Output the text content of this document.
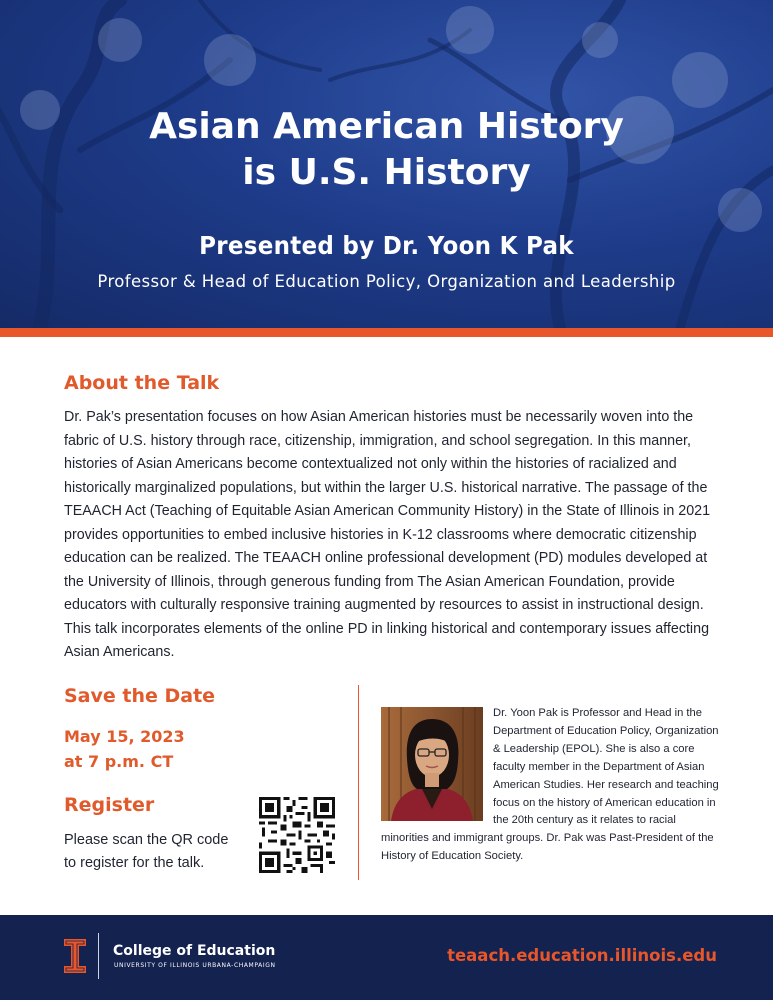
Asian American History
is U.S. History
Presented by Dr. Yoon K Pak
Professor & Head of Education Policy, Organization and Leadership
About the Talk

Dr. Pak’s presentation focuses on how Asian American histories must be necessarily woven into the fabric of U.S. history through race, citizenship, immigration, and school segregation. In this manner, histories of Asian Americans become contextualized not only within the histories of racialized and historically marginalized populations, but within the larger U.S. historical narrative. The passage of the TEAACH Act (Teaching of Equitable Asian American Community History) in the State of Illinois in 2021 provides opportunities to embed inclusive histories in K-12 classrooms where democratic citizenship education can be realized. The TEAACH online professional development (PD) modules developed at the University of Illinois, through generous funding from The Asian American Foundation, provide educators with culturally responsive training augmented by resources to assist in instructional design. This talk incorporates elements of the online PD in linking historical and contemporary issues affecting Asian Americans.

Save the Date
May 15, 2023
at 7 p.m. CT
Register
Please scan the QR code
to register for the talk.

Dr. Yoon Pak is Professor and Head in the Department of Education Policy, Organization & Leadership (EPOL). She is also a core faculty member in the Department of Asian American Studies. Her research and teaching focus on the history of American education in the 20th century as it relates to racial minorities and immigrant groups. Dr. Pak was Past-President of the History of Education Society.

College of Education
UNIVERSITY OF ILLINOIS URBANA-CHAMPAIGN
teaach.education.illinois.edu
